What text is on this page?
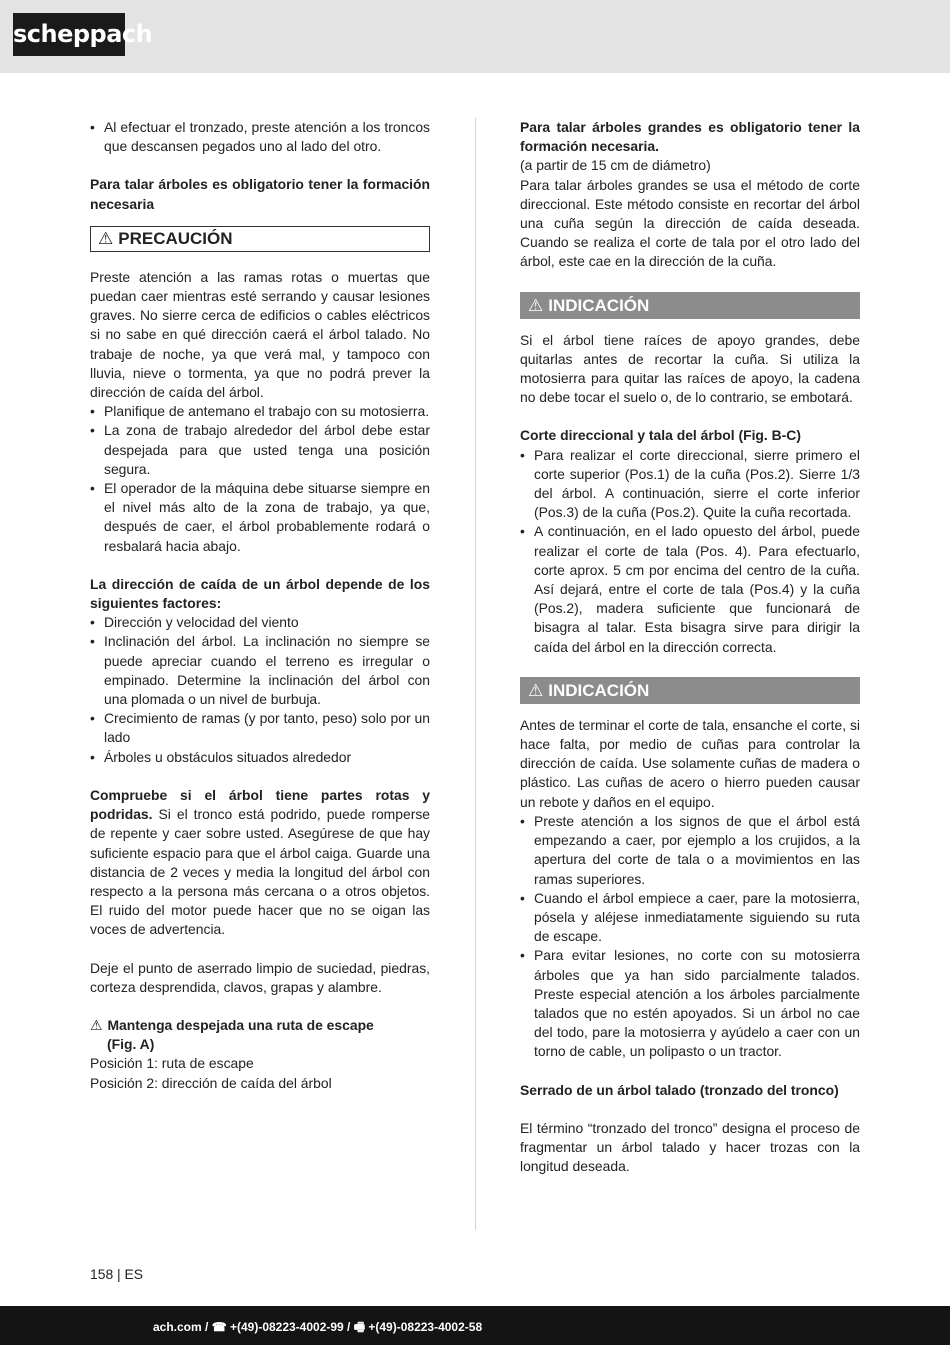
scheppach
• Al efectuar el tronzado, preste atención a los troncos que descansen pegados uno al lado del otro.

Para talar árboles es obligatorio tener la formación necesaria

⚠ PRECAUCIÓN

Preste atención a las ramas rotas o muertas que puedan caer mientras esté serrando y causar lesiones graves. No sierre cerca de edificios o cables eléctricos si no sabe en qué dirección caerá el árbol talado. No trabaje de noche, ya que verá mal, y tampoco con lluvia, nieve o tormenta, ya que no podrá prever la dirección de caída del árbol.

• Planifique de antemano el trabajo con su motosierra.
• La zona de trabajo alrededor del árbol debe estar despejada para que usted tenga una posición segura.
• El operador de la máquina debe situarse siempre en el nivel más alto de la zona de trabajo, ya que, después de caer, el árbol probablemente rodará o resbalará hacia abajo.

La dirección de caída de un árbol depende de los siguientes factores:

• Dirección y velocidad del viento
• Inclinación del árbol. La inclinación no siempre se puede apreciar cuando el terreno es irregular o empinado. Determine la inclinación del árbol con una plomada o un nivel de burbuja.
• Crecimiento de ramas (y por tanto, peso) solo por un lado
• Árboles u obstáculos situados alrededor

Compruebe si el árbol tiene partes rotas y podridas. Si el tronco está podrido, puede romperse de repente y caer sobre usted. Asegúrese de que hay suficiente espacio para que el árbol caiga. Guarde una distancia de 2 veces y media la longitud del árbol con respecto a la persona más cercana o a otros objetos. El ruido del motor puede hacer que no se oigan las voces de advertencia.

Deje el punto de aserrado limpio de suciedad, piedras, corteza desprendida, clavos, grapas y alambre.

⚠ Mantenga despejada una ruta de escape

(Fig. A)

Posición 1: ruta de escape

Posición 2: dirección de caída del árbol

Para talar árboles grandes es obligatorio tener la formación necesaria.

(a partir de 15 cm de diámetro)

Para talar árboles grandes se usa el método de corte direccional. Este método consiste en recortar del árbol una cuña según la dirección de caída deseada. Cuando se realiza el corte de tala por el otro lado del árbol, este cae en la dirección de la cuña.

⚠ INDICACIÓN

Si el árbol tiene raíces de apoyo grandes, debe quitarlas antes de recortar la cuña. Si utiliza la motosierra para quitar las raíces de apoyo, la cadena no debe tocar el suelo o, de lo contrario, se embotará.

Corte direccional y tala del árbol (Fig. B-C)

• Para realizar el corte direccional, sierre primero el corte superior (Pos.1) de la cuña (Pos.2). Sierre 1/3 del árbol. A continuación, sierre el corte inferior (Pos.3) de la cuña (Pos.2). Quite la cuña recortada.
• A continuación, en el lado opuesto del árbol, puede realizar el corte de tala (Pos. 4). Para efectuarlo, corte aprox. 5 cm por encima del centro de la cuña. Así dejará, entre el corte de tala (Pos.4) y la cuña (Pos.2), madera suficiente que funcionará de bisagra al talar. Esta bisagra sirve para dirigir la caída del árbol en la dirección correcta.
⚠ INDICACIÓN

Antes de terminar el corte de tala, ensanche el corte, si hace falta, por medio de cuñas para controlar la dirección de caída. Use solamente cuñas de madera o plástico. Las cuñas de acero o hierro pueden causar un rebote y daños en el equipo.

• Preste atención a los signos de que el árbol está empezando a caer, por ejemplo a los crujidos, a la apertura del corte de tala o a movimientos en las ramas superiores.
• Cuando el árbol empiece a caer, pare la motosierra, pósela y aléjese inmediatamente siguiendo su ruta de escape.
• Para evitar lesiones, no corte con su motosierra árboles que ya han sido parcialmente talados. Preste especial atención a los árboles parcialmente talados que no estén apoyados. Si un árbol no cae del todo, pare la motosierra y ayúdelo a caer con un torno de cable, un polipasto o un tractor.

Serrado de un árbol talado (tronzado del tronco)

El término “tronzado del tronco” designa el proceso de fragmentar un árbol talado y hacer trozas con la longitud deseada.

158 | ES
ach.com / ☎ +(49)-08223-4002-99 / 🖷 +(49)-08223-4002-58
